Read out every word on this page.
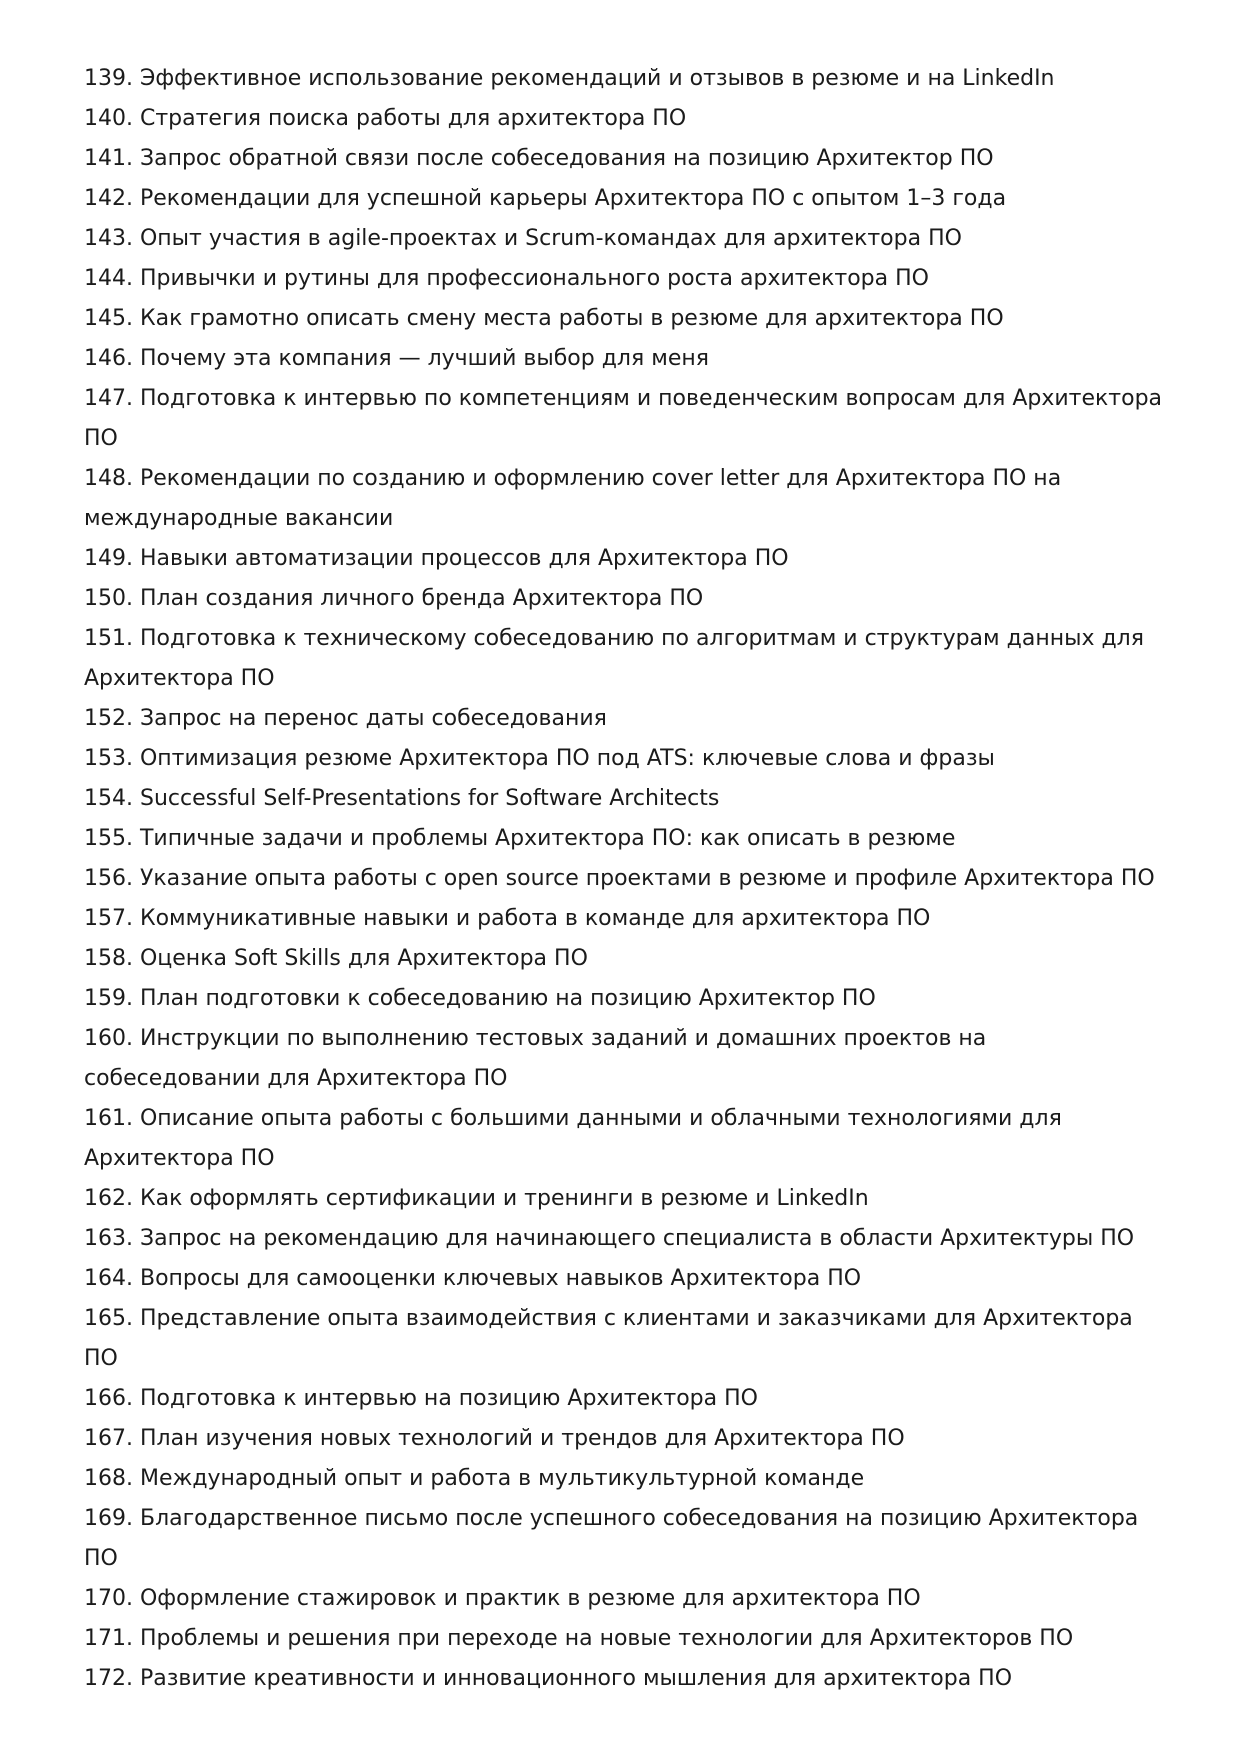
139. Эффективное использование рекомендаций и отзывов в резюме и на LinkedIn

140. Стратегия поиска работы для архитектора ПО

141. Запрос обратной связи после собеседования на позицию Архитектор ПО

142. Рекомендации для успешной карьеры Архитектора ПО с опытом 1–3 года

143. Опыт участия в agile-проектах и Scrum-командах для архитектора ПО

144. Привычки и рутины для профессионального роста архитектора ПО

145. Как грамотно описать смену места работы в резюме для архитектора ПО

146. Почему эта компания — лучший выбор для меня

147. Подготовка к интервью по компетенциям и поведенческим вопросам для Архитектора ПО

148. Рекомендации по созданию и оформлению cover letter для Архитектора ПО на международные вакансии

149. Навыки автоматизации процессов для Архитектора ПО

150. План создания личного бренда Архитектора ПО

151. Подготовка к техническому собеседованию по алгоритмам и структурам данных для Архитектора ПО

152. Запрос на перенос даты собеседования

153. Оптимизация резюме Архитектора ПО под ATS: ключевые слова и фразы

154. Successful Self-Presentations for Software Architects

155. Типичные задачи и проблемы Архитектора ПО: как описать в резюме

156. Указание опыта работы с open source проектами в резюме и профиле Архитектора ПО

157. Коммуникативные навыки и работа в команде для архитектора ПО

158. Оценка Soft Skills для Архитектора ПО

159. План подготовки к собеседованию на позицию Архитектор ПО

160. Инструкции по выполнению тестовых заданий и домашних проектов на собеседовании для Архитектора ПО

161. Описание опыта работы с большими данными и облачными технологиями для Архитектора ПО

162. Как оформлять сертификации и тренинги в резюме и LinkedIn

163. Запрос на рекомендацию для начинающего специалиста в области Архитектуры ПО

164. Вопросы для самооценки ключевых навыков Архитектора ПО

165. Представление опыта взаимодействия с клиентами и заказчиками для Архитектора ПО

166. Подготовка к интервью на позицию Архитектора ПО

167. План изучения новых технологий и трендов для Архитектора ПО

168. Международный опыт и работа в мультикультурной команде

169. Благодарственное письмо после успешного собеседования на позицию Архитектора ПО

170. Оформление стажировок и практик в резюме для архитектора ПО

171. Проблемы и решения при переходе на новые технологии для Архитекторов ПО

172. Развитие креативности и инновационного мышления для архитектора ПО
